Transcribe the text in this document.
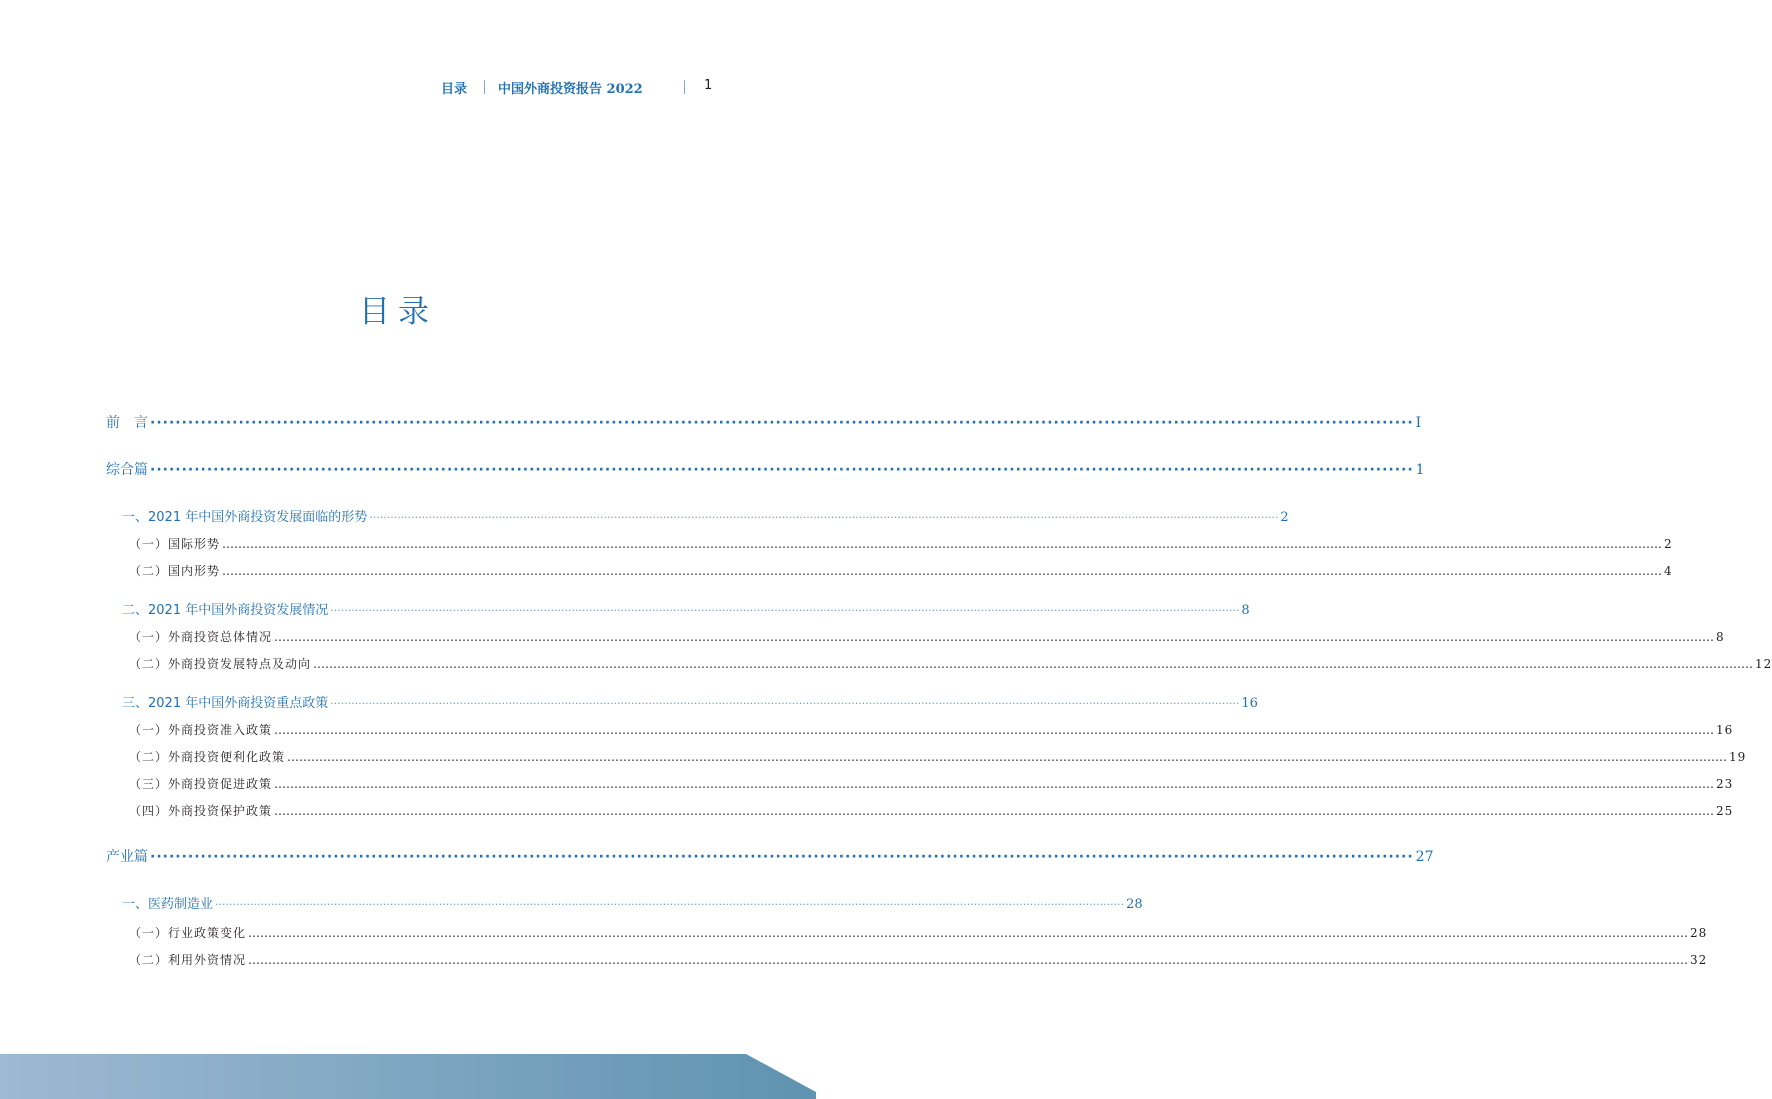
目录 中国外商投资报告 2022	1
目录
前　言 ········································································································································································································ I
综合篇 ········································································································································································································ 1
一、2021 年中国外商投资发展面临的形势 ···································································································································································································································································· 2
（一）国际形势 ……………………………………………………………………………………………………………………………………………………………………………………………………………………………………………………………………………………………………………………………… 2
（二）国内形势 ……………………………………………………………………………………………………………………………………………………………………………………………………………………………………………………………………………………………………………………………… 4
二、2021 年中国外商投资发展情况 ···································································································································································································································································· 8
（一）外商投资总体情况 ……………………………………………………………………………………………………………………………………………………………………………………………………………………………………………………………………………………………………………………………… 8
（二）外商投资发展特点及动向 ……………………………………………………………………………………………………………………………………………………………………………………………………………………………………………………………………………………………………………………………… 12
三、2021 年中国外商投资重点政策 ···································································································································································································································································· 16
（一）外商投资准入政策 ……………………………………………………………………………………………………………………………………………………………………………………………………………………………………………………………………………………………………………………………… 16
（二）外商投资便利化政策 ……………………………………………………………………………………………………………………………………………………………………………………………………………………………………………………………………………………………………………………………… 19
（三）外商投资促进政策 ……………………………………………………………………………………………………………………………………………………………………………………………………………………………………………………………………………………………………………………………… 23
（四）外商投资保护政策 ……………………………………………………………………………………………………………………………………………………………………………………………………………………………………………………………………………………………………………………………… 25
产业篇 ········································································································································································································ 27
一、医药制造业 ···································································································································································································································································· 28
（一）行业政策变化 ……………………………………………………………………………………………………………………………………………………………………………………………………………………………………………………………………………………………………………………………… 28
（二）利用外资情况 ……………………………………………………………………………………………………………………………………………………………………………………………………………………………………………………………………………………………………………………………… 32
